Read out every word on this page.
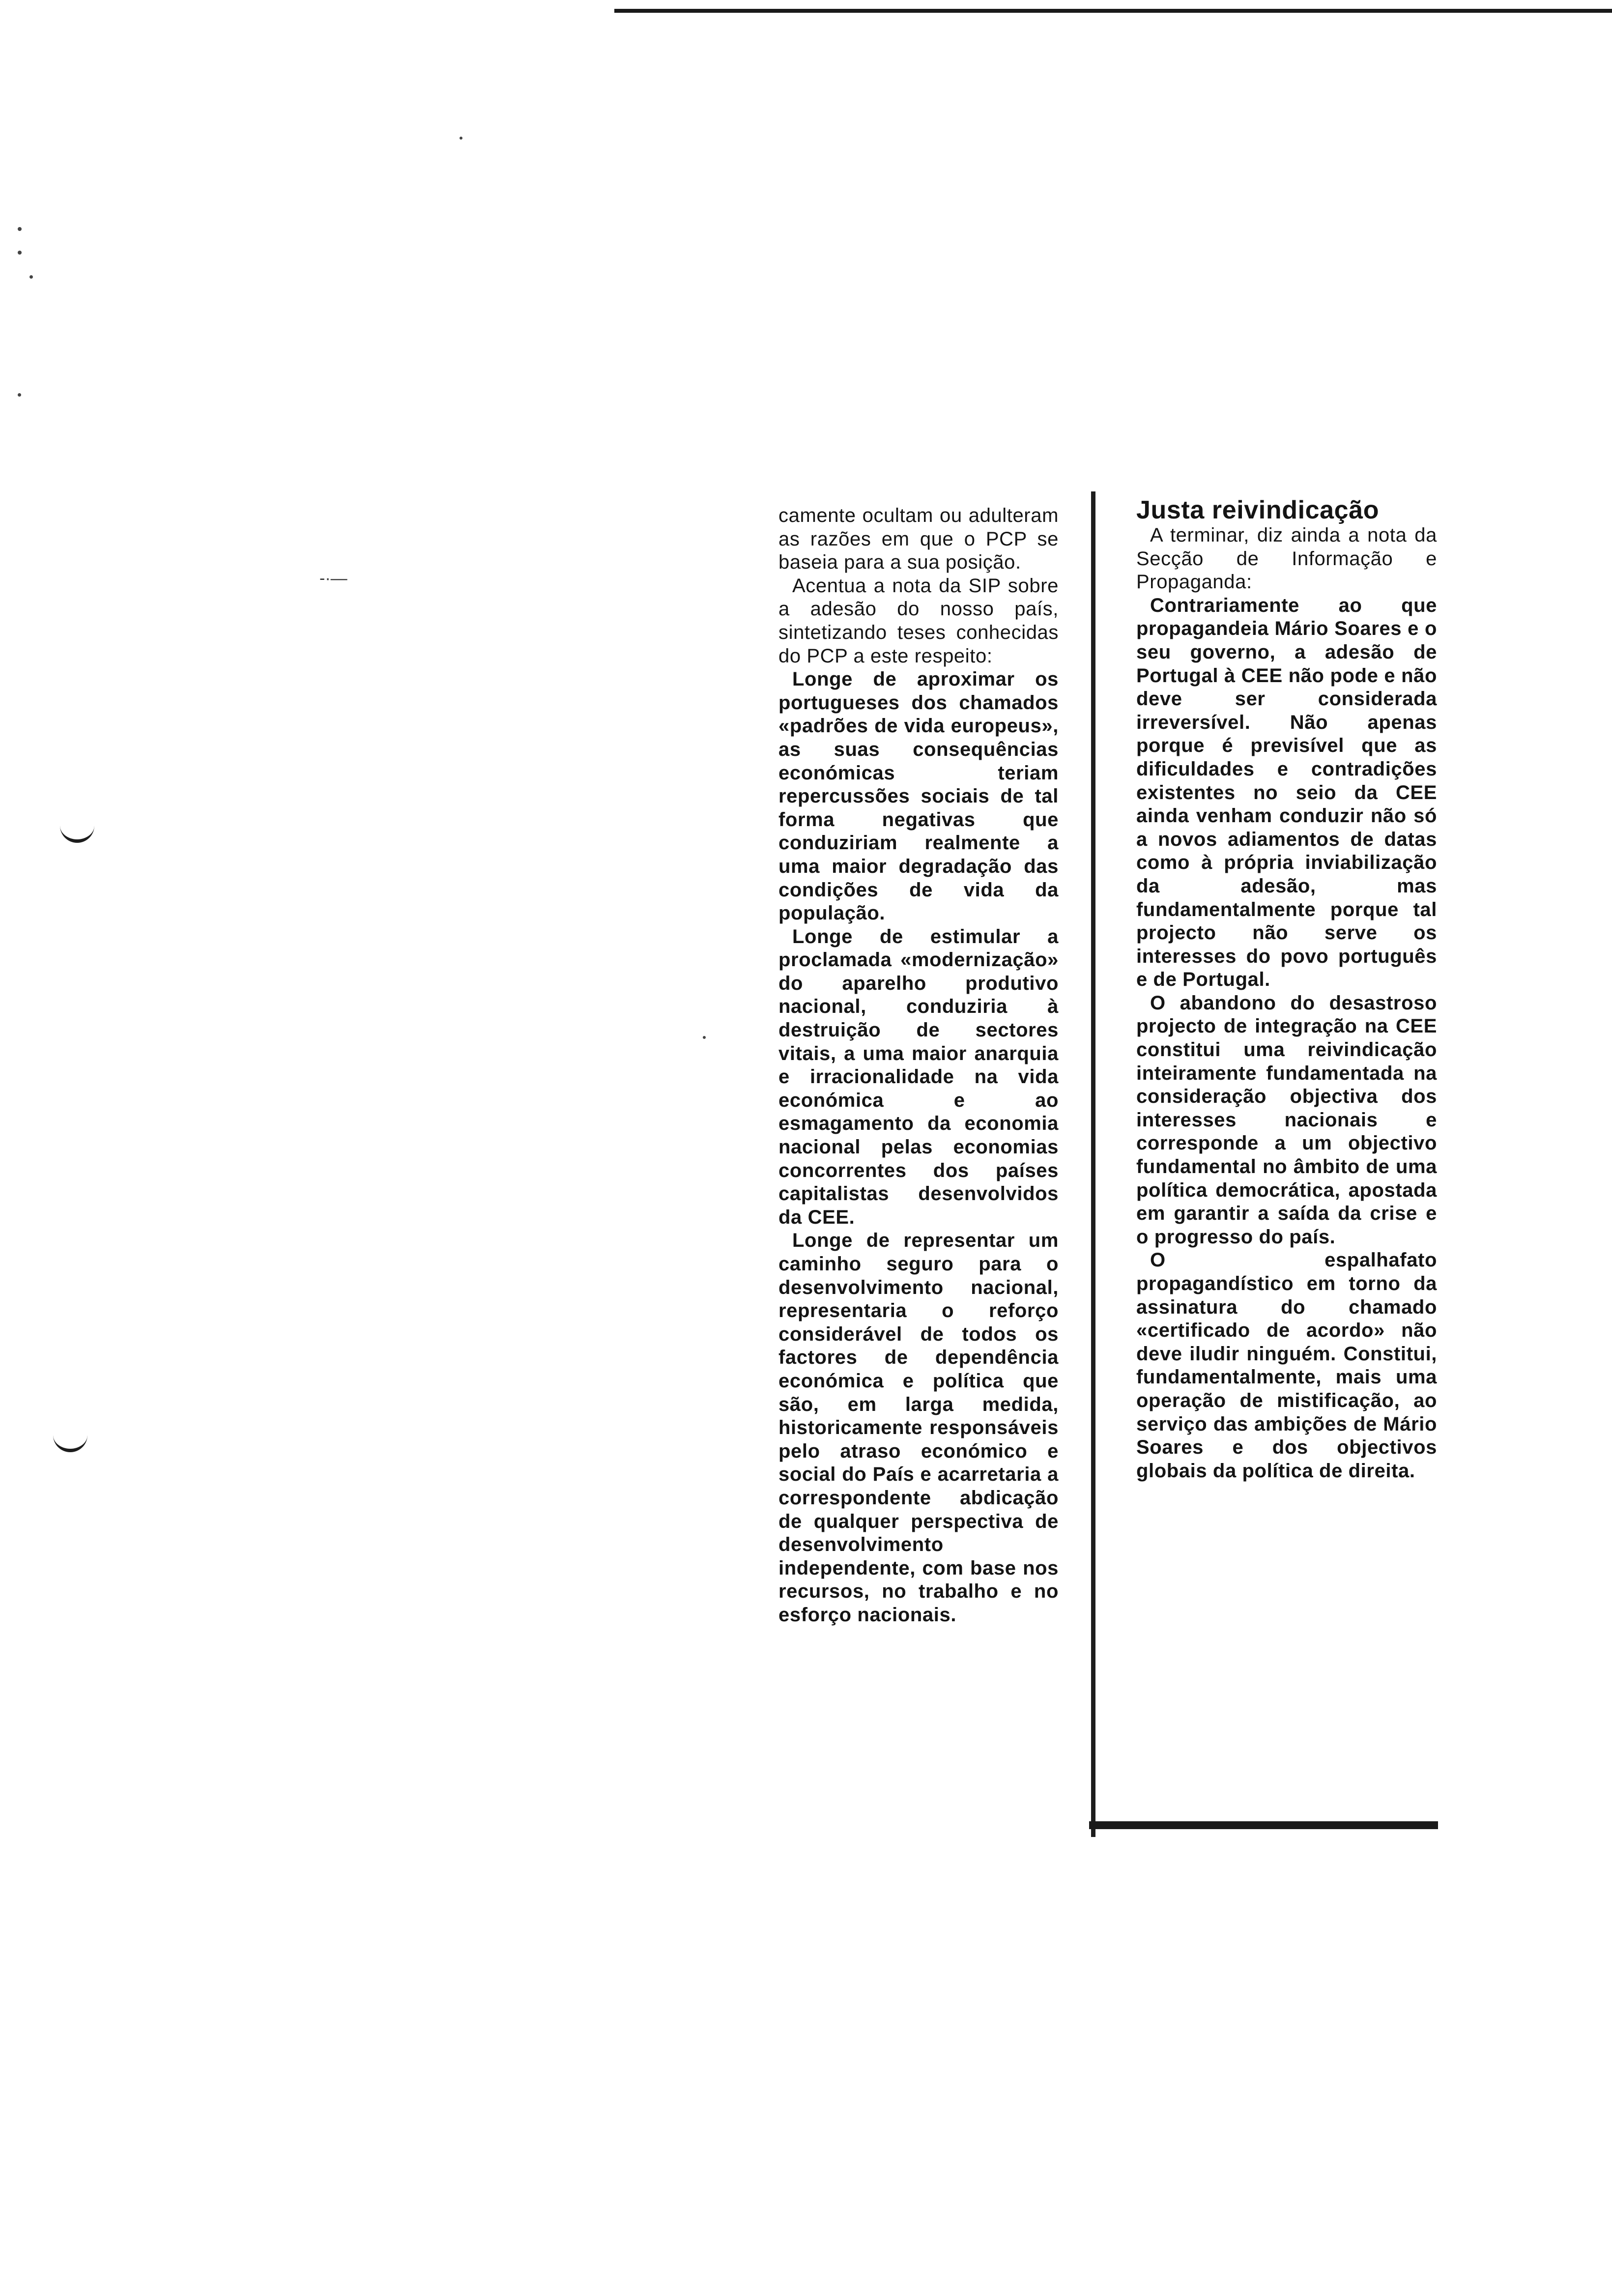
-·—

camente ocultam ou adulteram as razões em que o PCP se baseia para a sua posição.

Acentua a nota da SIP sobre a adesão do nosso país, sintetizando teses conhecidas do PCP a este respeito:

Longe de aproximar os portugueses dos chamados «padrões de vida europeus», as suas consequências económicas teriam repercussões sociais de tal forma negativas que conduziriam realmente a uma maior degradação das condições de vida da população.

Longe de estimular a proclamada «modernização» do aparelho produtivo nacional, conduziria à destruição de sectores vitais, a uma maior anarquia e irracionalidade na vida económica e ao esmagamento da economia nacional pelas economias concorrentes dos países capitalistas desenvolvidos da CEE.

Longe de representar um caminho seguro para o desenvolvimento nacional, representaria o reforço considerável de todos os factores de dependência económica e política que são, em larga medida, historicamente responsáveis pelo atraso económico e social do País e acarretaria a correspondente abdicação de qualquer perspectiva de desenvolvimento independente, com base nos recursos, no trabalho e no esforço nacionais.

Justa reivindicação

A terminar, diz ainda a nota da Secção de Informação e Propaganda:

Contrariamente ao que propagandeia Mário Soares e o seu governo, a adesão de Portugal à CEE não pode e não deve ser considerada irreversível. Não apenas porque é previsível que as dificuldades e contradições existentes no seio da CEE ainda venham conduzir não só a novos adiamentos de datas como à própria inviabilização da adesão, mas fundamentalmente porque tal projecto não serve os interesses do povo português e de Portugal.

O abandono do desastroso projecto de integração na CEE constitui uma reivindicação inteiramente fundamentada na consideração objectiva dos interesses nacionais e corresponde a um objectivo fundamental no âmbito de uma política democrática, apostada em garantir a saída da crise e o progresso do país.

O espalhafato propagandístico em torno da assinatura do chamado «certificado de acordo» não deve iludir ninguém. Constitui, fundamentalmente, mais uma operação de mistificação, ao serviço das ambições de Mário Soares e dos objectivos globais da política de direita.
